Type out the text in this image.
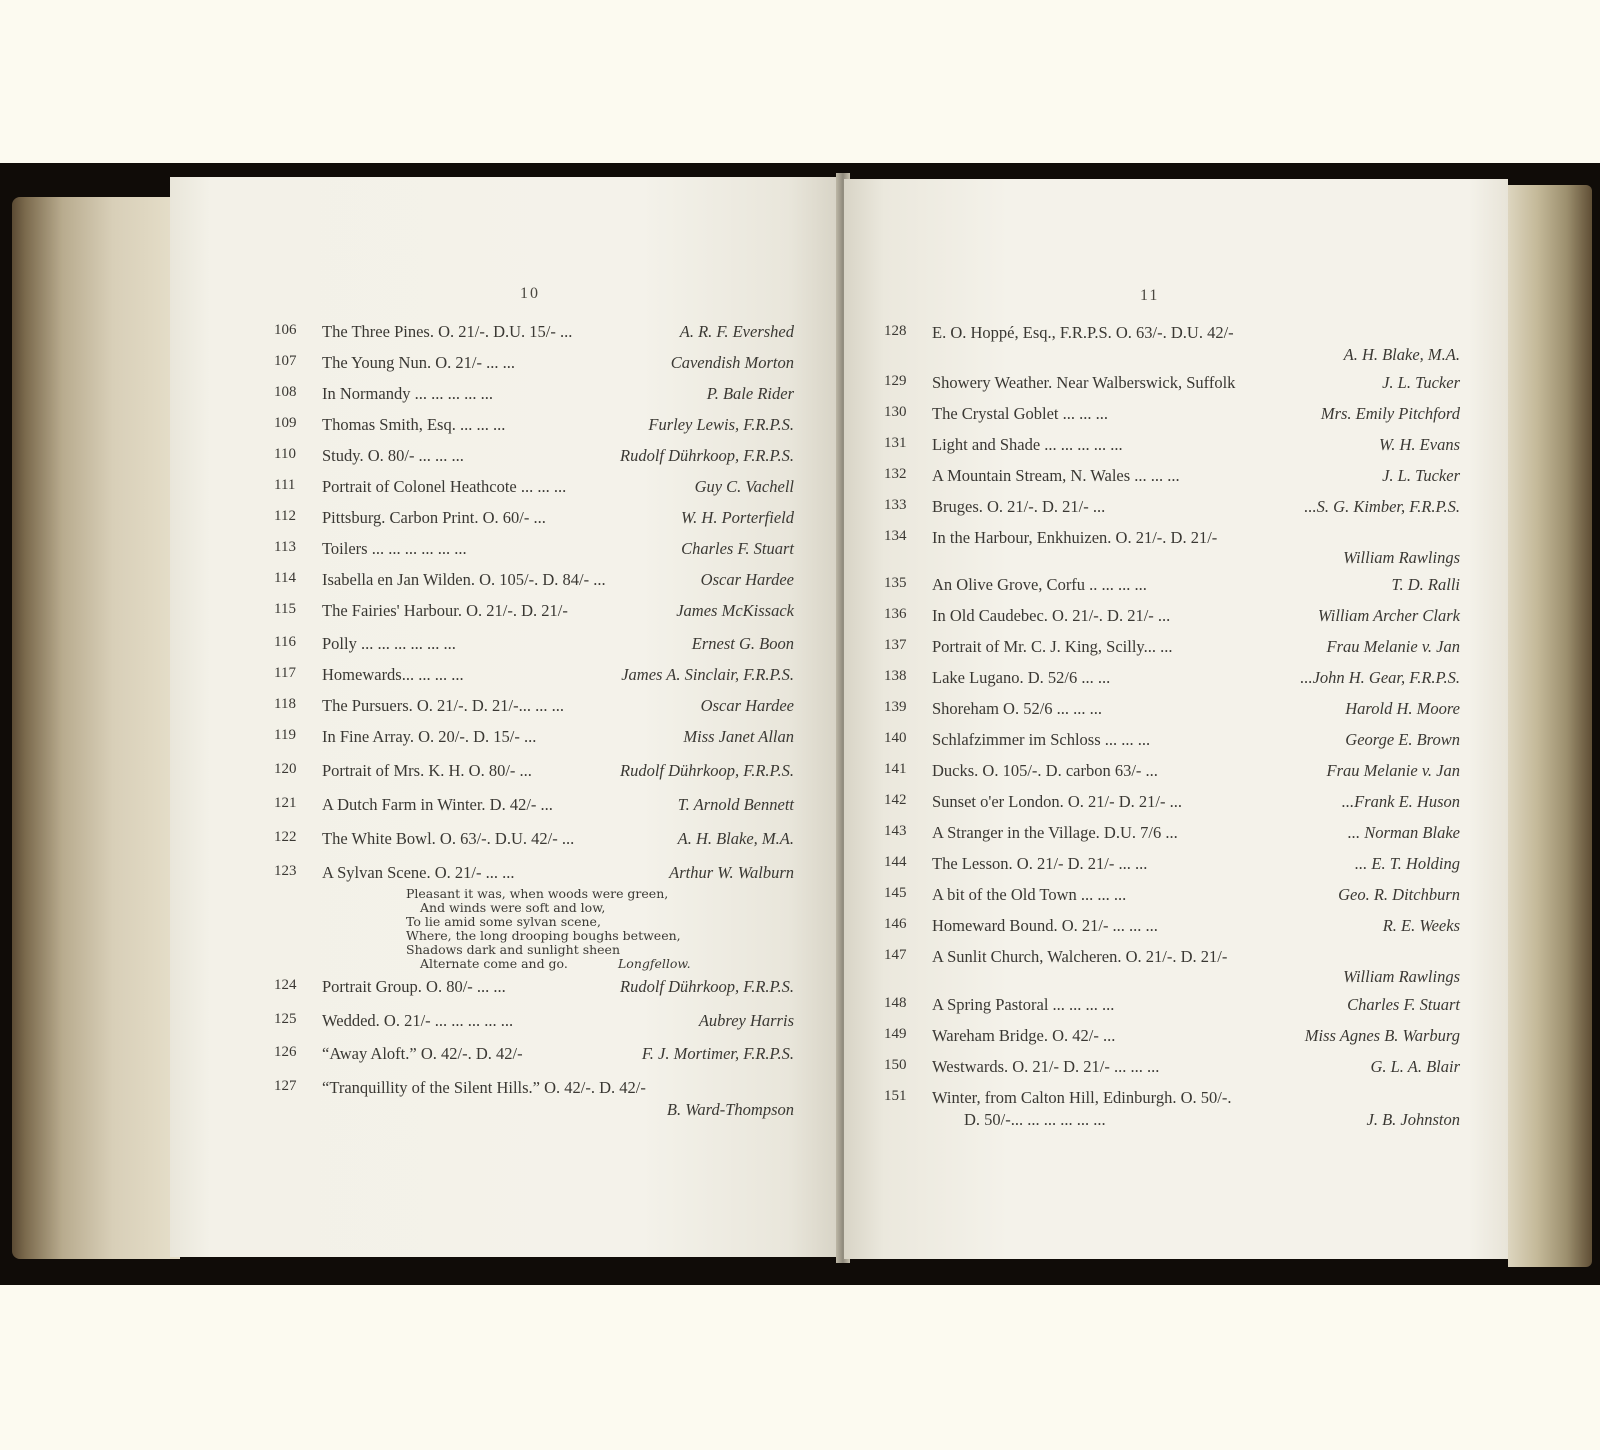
10
106 The Three Pines. O. 21/-. D.U. 15/- ...	A. R. F. Evershed
107 The Young Nun. O. 21/- ... ...	Cavendish Morton
108 In Normandy ... ... ... ... ...	P. Bale Rider
109 Thomas Smith, Esq. ... ... ...	Furley Lewis, F.R.P.S.
110 Study. O. 80/- ... ... ...	Rudolf Dührkoop, F.R.P.S.
111 Portrait of Colonel Heathcote ... ... ...	Guy C. Vachell
112 Pittsburg. Carbon Print. O. 60/- ...	W. H. Porterfield
113 Toilers ... ... ... ... ... ...	Charles F. Stuart
114 Isabella en Jan Wilden. O. 105/-. D. 84/- ...	Oscar Hardee
115 The Fairies' Harbour. O. 21/-. D. 21/-	James McKissack
116 Polly ... ... ... ... ... ...	Ernest G. Boon
117 Homewards... ... ... ...	James A. Sinclair, F.R.P.S.
118 The Pursuers. O. 21/-. D. 21/-... ... ...	Oscar Hardee
119 In Fine Array. O. 20/-. D. 15/- ...	Miss Janet Allan
120 Portrait of Mrs. K. H. O. 80/- ...	Rudolf Dührkoop, F.R.P.S.
121 A Dutch Farm in Winter. D. 42/- ...	T. Arnold Bennett
122 The White Bowl. O. 63/-. D.U. 42/- ...	A. H. Blake, M.A.
123 A Sylvan Scene. O. 21/- ... ...	Arthur W. Walburn
Pleasant it was, when woods were green,
And winds were soft and low,
To lie amid some sylvan scene,
Where, the long drooping boughs between,
Shadows dark and sunlight sheen
Alternate come and go.	Longfellow.
124 Portrait Group. O. 80/- ... ...	Rudolf Dührkoop, F.R.P.S.
125 Wedded. O. 21/- ... ... ... ... ...	Aubrey Harris
126 “Away Aloft.” O. 42/-. D. 42/-	F. J. Mortimer, F.R.P.S.
127 “Tranquillity of the Silent Hills.” O. 42/-. D. 42/-
B. Ward-Thompson
11
128 E. O. Hoppé, Esq., F.R.P.S. O. 63/-. D.U. 42/-
A. H. Blake, M.A.
129 Showery Weather. Near Walberswick, Suffolk	J. L. Tucker
130 The Crystal Goblet ... ... ...	Mrs. Emily Pitchford
131 Light and Shade ... ... ... ... ...	W. H. Evans
132 A Mountain Stream, N. Wales ... ... ...	J. L. Tucker
133 Bruges. O. 21/-. D. 21/- ...	...S. G. Kimber, F.R.P.S.
134 In the Harbour, Enkhuizen. O. 21/-. D. 21/-
William Rawlings
135 An Olive Grove, Corfu .. ... ... ...	T. D. Ralli
136 In Old Caudebec. O. 21/-. D. 21/- ...	William Archer Clark
137 Portrait of Mr. C. J. King, Scilly... ...	Frau Melanie v. Jan
138 Lake Lugano. D. 52/6 ... ...	...John H. Gear, F.R.P.S.
139 Shoreham O. 52/6 ... ... ...	Harold H. Moore
140 Schlafzimmer im Schloss ... ... ...	George E. Brown
141 Ducks. O. 105/-. D. carbon 63/- ...	Frau Melanie v. Jan
142 Sunset o'er London. O. 21/- D. 21/- ...	...Frank E. Huson
143 A Stranger in the Village. D.U. 7/6 ...	... Norman Blake
144 The Lesson. O. 21/- D. 21/- ... ...	... E. T. Holding
145 A bit of the Old Town ... ... ...	Geo. R. Ditchburn
146 Homeward Bound. O. 21/- ... ... ...	R. E. Weeks
147 A Sunlit Church, Walcheren. O. 21/-. D. 21/-
William Rawlings
148 A Spring Pastoral ... ... ... ...	Charles F. Stuart
149 Wareham Bridge. O. 42/- ...	Miss Agnes B. Warburg
150 Westwards. O. 21/- D. 21/- ... ... ...	G. L. A. Blair
151 Winter, from Calton Hill, Edinburgh. O. 50/-.
D. 50/-... ... ... ... ... ...	J. B. Johnston
